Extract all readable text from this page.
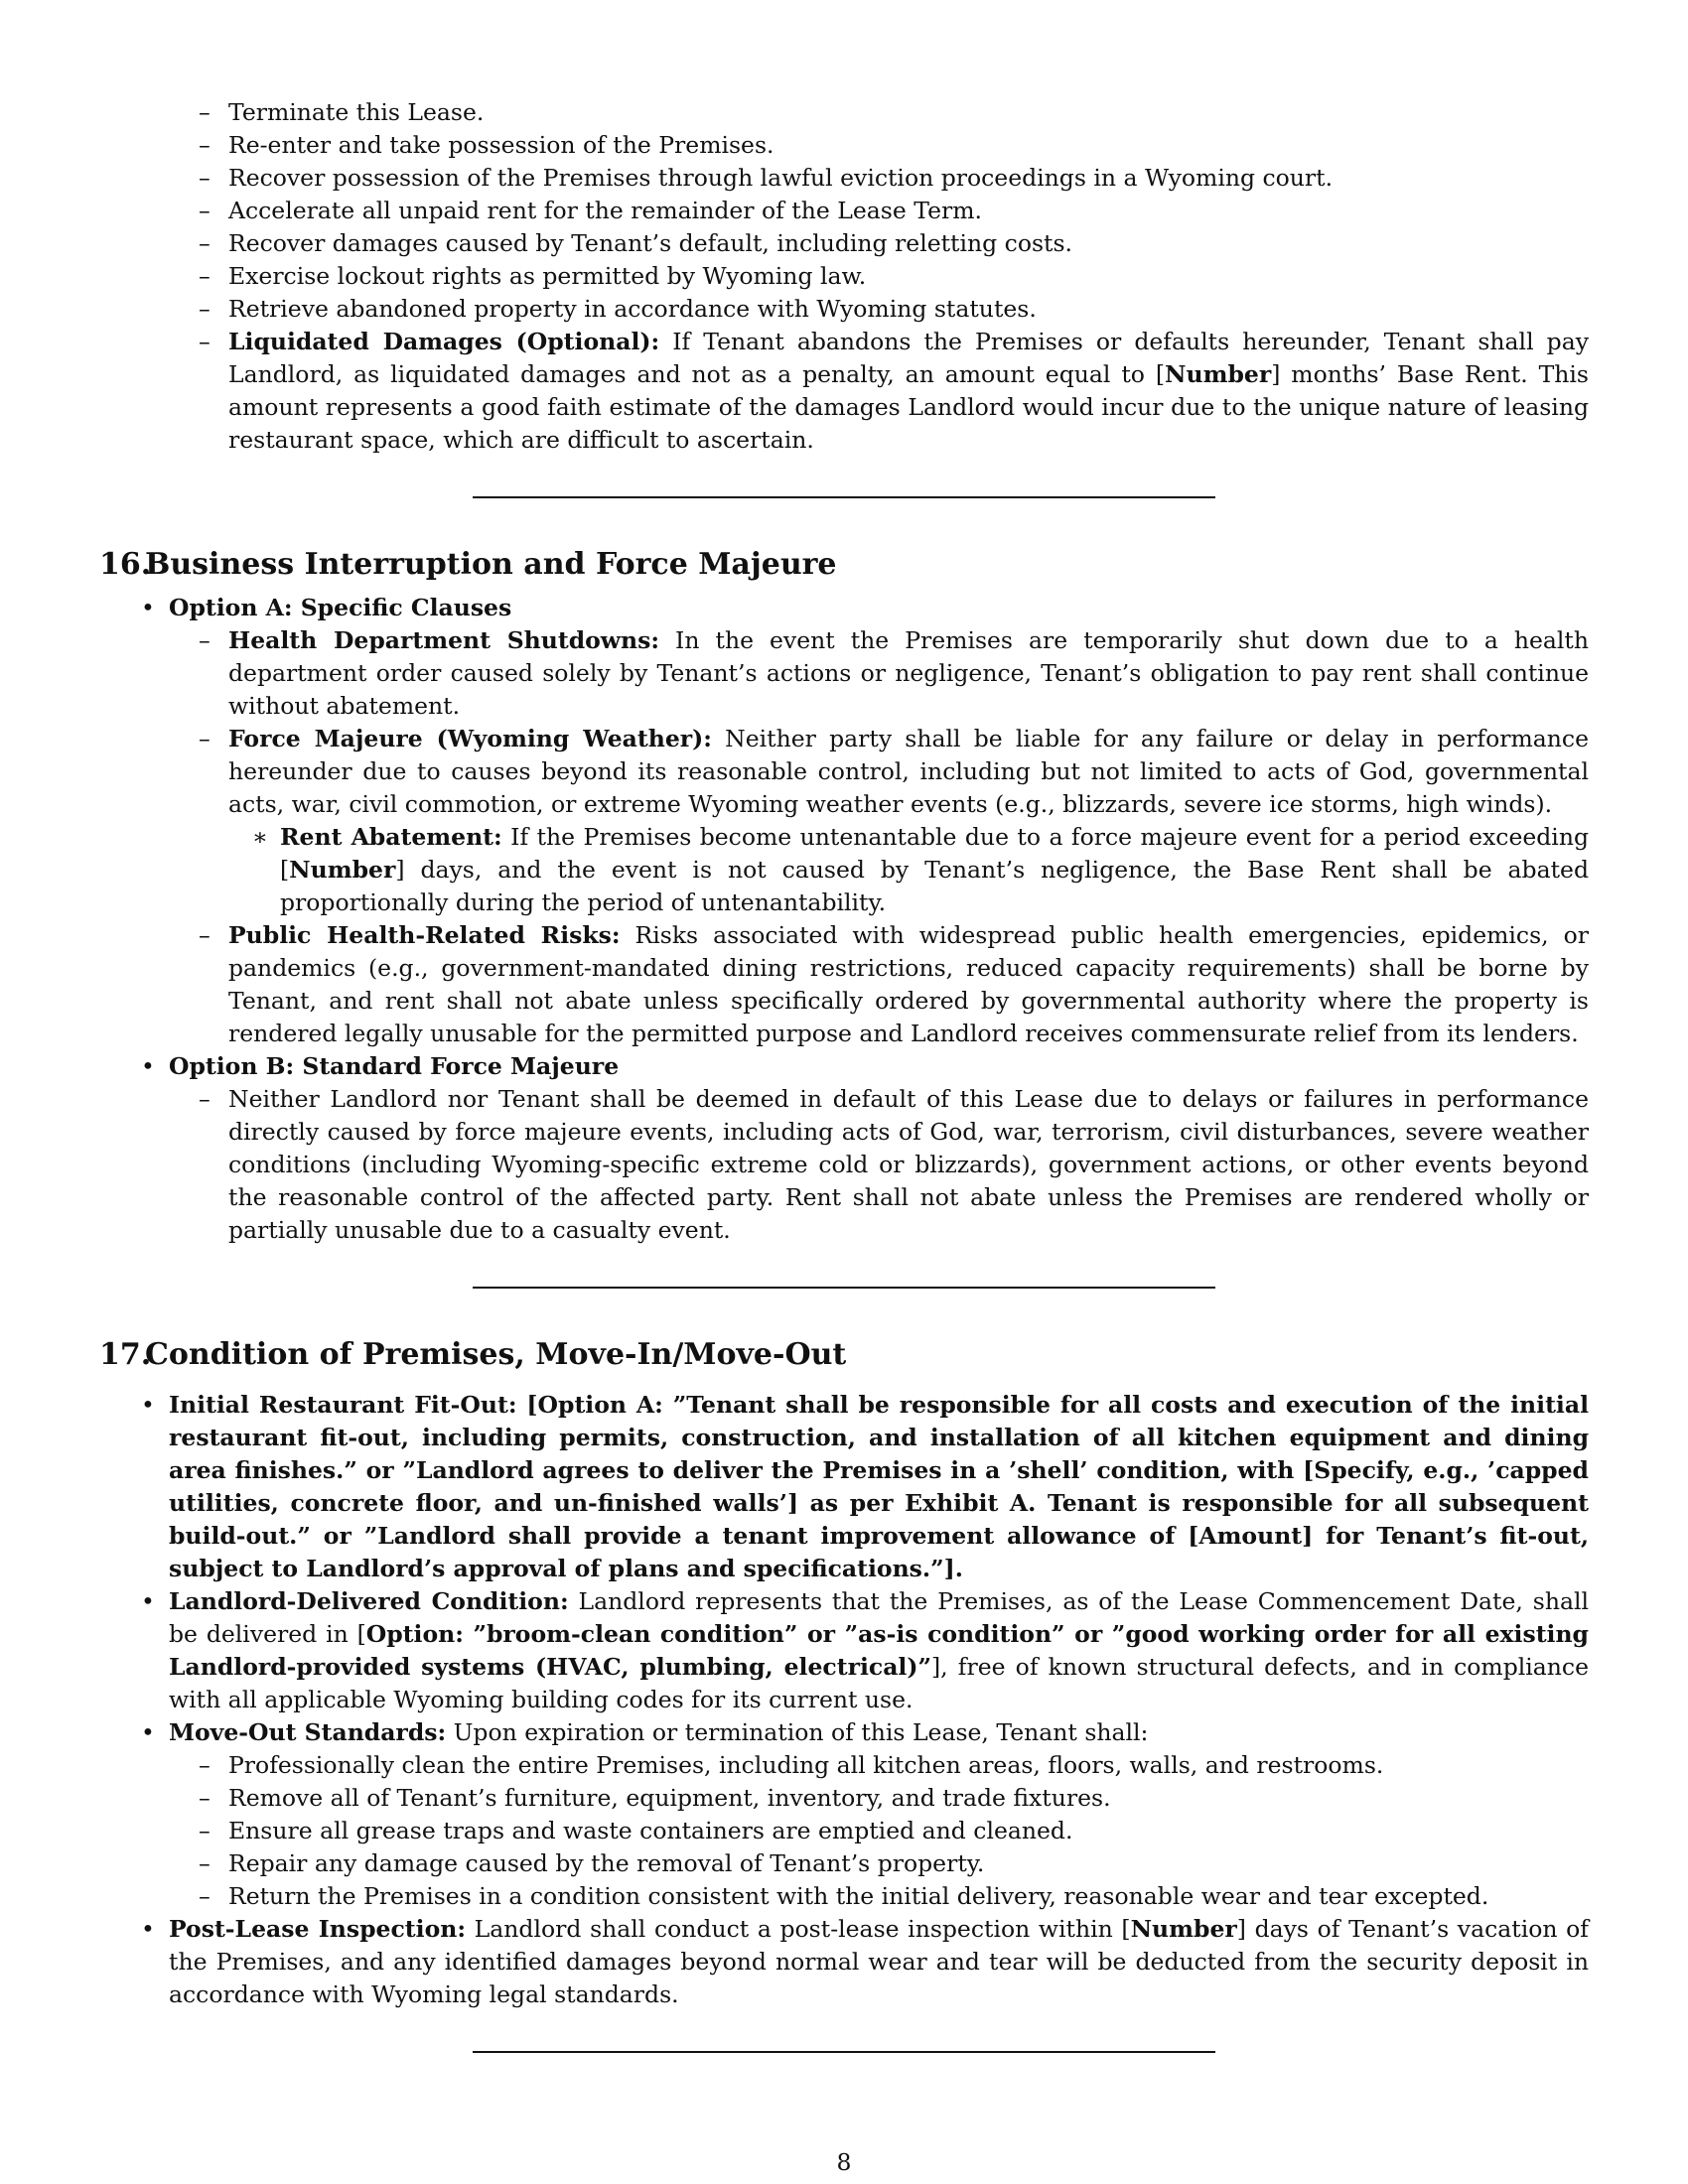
– Terminate this Lease.
– Re-enter and take possession of the Premises.
– Recover possession of the Premises through lawful eviction proceedings in a Wyoming court.
– Accelerate all unpaid rent for the remainder of the Lease Term.
– Recover damages caused by Tenant’s default, including reletting costs.
– Exercise lockout rights as permitted by Wyoming law.
– Retrieve abandoned property in accordance with Wyoming statutes.
– Liquidated Damages (Optional): If Tenant abandons the Premises or defaults hereunder, Tenant shall pay Landlord, as liquidated damages and not as a penalty, an amount equal to [Number] months’ Base Rent. This amount represents a good faith estimate of the damages Landlord would incur due to the unique nature of leasing restaurant space, which are difficult to ascertain.
16.Business Interruption and Force Majeure
• Option A: Specific Clauses
– Health Department Shutdowns: In the event the Premises are temporarily shut down due to a health department order caused solely by Tenant’s actions or negligence, Tenant’s obligation to pay rent shall continue without abatement.
– Force Majeure (Wyoming Weather): Neither party shall be liable for any failure or delay in performance hereunder due to causes beyond its reasonable control, including but not limited to acts of God, governmental acts, war, civil commotion, or extreme Wyoming weather events (e.g., blizzards, severe ice storms, high winds).
∗ Rent Abatement: If the Premises become untenantable due to a force majeure event for a period exceeding [Number] days, and the event is not caused by Tenant’s negligence, the Base Rent shall be abated proportionally during the period of untenantability.
– Public Health-Related Risks: Risks associated with widespread public health emergencies, epidemics, or pandemics (e.g., government-mandated dining restrictions, reduced capacity requirements) shall be borne by Tenant, and rent shall not abate unless specifically ordered by governmental authority where the property is rendered legally unusable for the permitted purpose and Landlord receives commensurate relief from its lenders.
• Option B: Standard Force Majeure
– Neither Landlord nor Tenant shall be deemed in default of this Lease due to delays or failures in performance directly caused by force majeure events, including acts of God, war, terrorism, civil disturbances, severe weather conditions (including Wyoming-specific extreme cold or blizzards), government actions, or other events beyond the reasonable control of the affected party. Rent shall not abate unless the Premises are rendered wholly or partially unusable due to a casualty event.
17.Condition of Premises, Move-In/Move-Out
• Initial Restaurant Fit-Out: [Option A: ”Tenant shall be responsible for all costs and execution of the initial restaurant fit-out, including permits, construction, and installation of all kitchen equipment and dining area finishes.” or ”Landlord agrees to deliver the Premises in a ’shell’ condition, with [Specify, e.g., ’capped utilities, concrete floor, and un-finished walls’] as per Exhibit A. Tenant is responsible for all subsequent build-out.” or ”Landlord shall provide a tenant improvement allowance of [Amount] for Tenant’s fit-out, subject to Landlord’s approval of plans and specifications.”].
• Landlord-Delivered Condition: Landlord represents that the Premises, as of the Lease Commencement Date, shall be delivered in [Option: ”broom-clean condition” or ”as-is condition” or ”good working order for all existing Landlord-provided systems (HVAC, plumbing, electrical)”], free of known structural defects, and in compliance with all applicable Wyoming building codes for its current use.
• Move-Out Standards: Upon expiration or termination of this Lease, Tenant shall:
– Professionally clean the entire Premises, including all kitchen areas, floors, walls, and restrooms.
– Remove all of Tenant’s furniture, equipment, inventory, and trade fixtures.
– Ensure all grease traps and waste containers are emptied and cleaned.
– Repair any damage caused by the removal of Tenant’s property.
– Return the Premises in a condition consistent with the initial delivery, reasonable wear and tear excepted.
• Post-Lease Inspection: Landlord shall conduct a post-lease inspection within [Number] days of Tenant’s vacation of the Premises, and any identified damages beyond normal wear and tear will be deducted from the security deposit in accordance with Wyoming legal standards.
8
